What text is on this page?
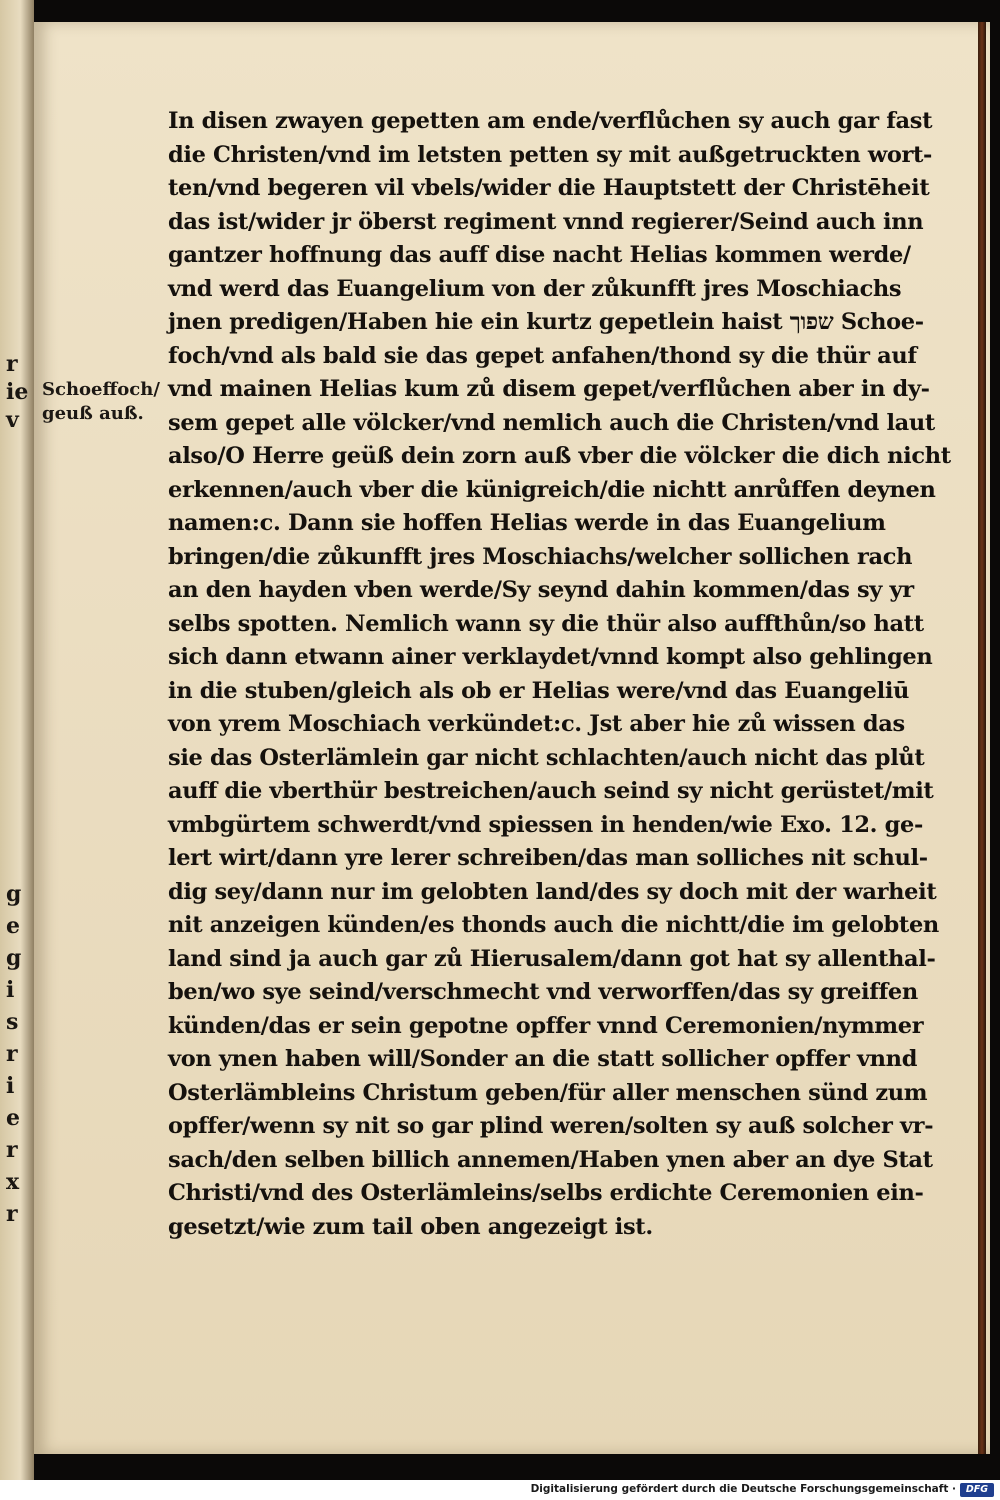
r
ie
v
g
e
g
i
s
r
i
e
r
x
r
Schoeffoch/
geuß auß.
In disen zwayen gepetten am ende/verflůchen sy auch gar fast
die Christen/vnd im letsten petten sy mit außgetruckten wort-
ten/vnd begeren vil vbels/wider die Hauptstett der Christēheit
das ist/wider jr öberst regiment vnnd regierer/Seind auch inn
gantzer hoffnung das auff dise nacht Helias kommen werde/
vnd werd das Euangelium von der zůkunfft jres Moschiachs
jnen predigen/Haben hie ein kurtz gepetlein haist שפוך Schoe-
foch/vnd als bald sie das gepet anfahen/thond sy die thür auf
vnd mainen Helias kum zů disem gepet/verflůchen aber in dy-
sem gepet alle völcker/vnd nemlich auch die Christen/vnd laut
also/O Herre geüß dein zorn auß vber die völcker die dich nicht
erkennen/auch vber die künigreich/die nichtt anrůffen deynen
namen:c. Dann sie hoffen Helias werde in das Euangelium
bringen/die zůkunfft jres Moschiachs/welcher sollichen rach
an den hayden vben werde/Sy seynd dahin kommen/das sy yr
selbs spotten. Nemlich wann sy die thür also auffthůn/so hatt
sich dann etwann ainer verklaydet/vnnd kompt also gehlingen
in die stuben/gleich als ob er Helias were/vnd das Euangeliū
von yrem Moschiach verkündet:c. Jst aber hie zů wissen das
sie das Osterlämlein gar nicht schlachten/auch nicht das plůt
auff die vberthür bestreichen/auch seind sy nicht gerüstet/mit
vmbgürtem schwerdt/vnd spiessen in henden/wie Exo. 12. ge-
lert wirt/dann yre lerer schreiben/das man solliches nit schul-
dig sey/dann nur im gelobten land/des sy doch mit der warheit
nit anzeigen künden/es thonds auch die nichtt/die im gelobten
land sind ja auch gar zů Hierusalem/dann got hat sy allenthal-
ben/wo sye seind/verschmecht vnd verworffen/das sy greiffen
künden/das er sein gepotne opffer vnnd Ceremonien/nymmer
von ynen haben will/Sonder an die statt sollicher opffer vnnd
Osterlämbleins Christum geben/für aller menschen sünd zum
opffer/wenn sy nit so gar plind weren/solten sy auß solcher vr-
sach/den selben billich annemen/Haben ynen aber an dye Stat
Christi/vnd des Osterlämleins/selbs erdichte Ceremonien ein-
gesetzt/wie zum tail oben angezeigt ist.
Digitalisierung gefördert durch die Deutsche Forschungsgemeinschaft ·	DFG
